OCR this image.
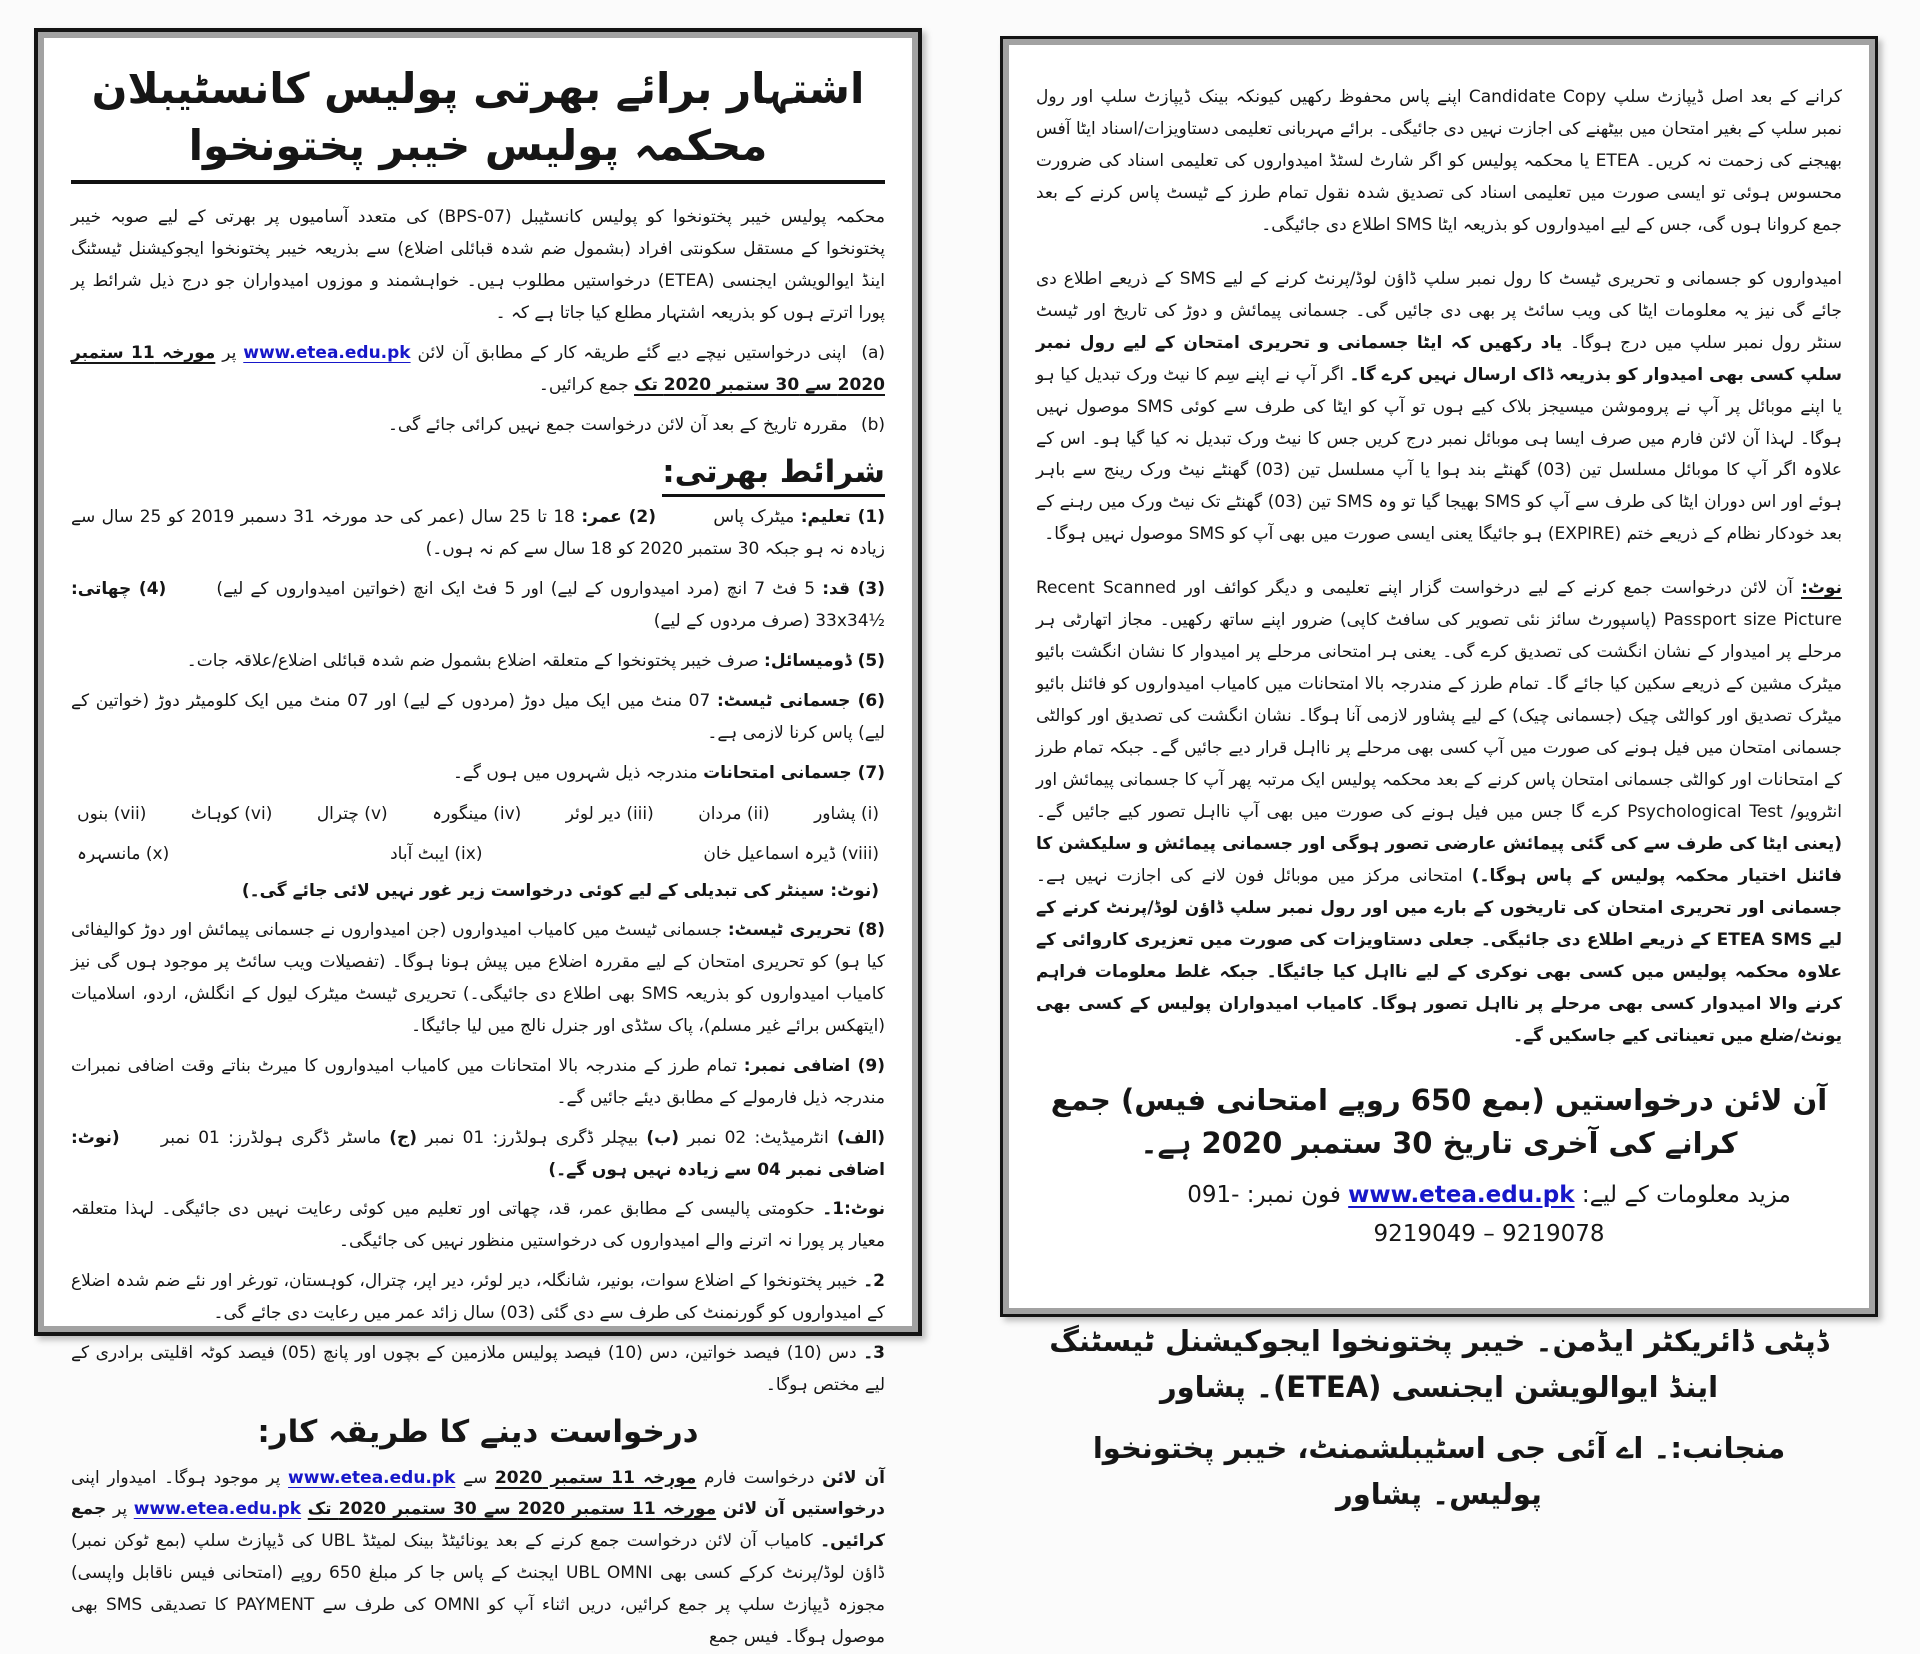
اشتہار برائے بھرتی پولیس کانسٹیبلان محکمہ پولیس خیبر پختونخوا

محکمہ پولیس خیبر پختونخوا کو پولیس کانسٹیبل (BPS-07) کی متعدد آسامیوں پر بھرتی کے لیے صوبہ خیبر پختونخوا کے مستقل سکونتی افراد (بشمول ضم شدہ قبائلی اضلاع) سے بذریعہ خیبر پختونخوا ایجوکیشنل ٹیسٹنگ اینڈ ایوالویشن ایجنسی (ETEA) درخواستیں مطلوب ہیں۔ خواہشمند و موزوں امیدواران جو درج ذیل شرائط پر پورا اترتے ہوں کو بذریعہ اشتہار مطلع کیا جاتا ہے کہ ۔

(a) اپنی درخواستیں نیچے دیے گئے طریقہ کار کے مطابق آن لائن www.etea.edu.pk پر مورخہ 11 ستمبر 2020 سے 30 ستمبر 2020 تک جمع کرائیں۔
(b) مقررہ تاریخ کے بعد آن لائن درخواست جمع نہیں کرائی جائے گی۔
شرائط بھرتی:
(1) تعلیم: میٹرک پاس         (2) عمر: 18 تا 25 سال (عمر کی حد مورخہ 31 دسمبر 2019 کو 25 سال سے زیادہ نہ ہو جبکہ 30 ستمبر 2020 کو 18 سال سے کم نہ ہوں۔)
(3) قد: 5 فٹ 7 انچ (مرد امیدواروں کے لیے) اور 5 فٹ ایک انچ (خواتین امیدواروں کے لیے)       (4) چھاتی: 33x34½ (صرف مردوں کے لیے)
(5) ڈومیسائل: صرف خیبر پختونخوا کے متعلقہ اضلاع بشمول ضم شدہ قبائلی اضلاع/علاقہ جات۔
(6) جسمانی ٹیسٹ: 07 منٹ میں ایک میل دوڑ (مردوں کے لیے) اور 07 منٹ میں ایک کلومیٹر دوڑ (خواتین کے لیے) پاس کرنا لازمی ہے۔
(7) جسمانی امتحانات مندرجہ ذیل شہروں میں ہوں گے۔
(i) پشاور
(ii) مردان
(iii) دیر لوئر
(iv) مینگورہ
(v) چترال
(vi) کوہاٹ
(vii) بنوں
(viii) ڈیرہ اسماعیل خان
(ix) ایبٹ آباد
(x) مانسہرہ
(نوٹ: سینٹر کی تبدیلی کے لیے کوئی درخواست زیر غور نہیں لائی جائے گی۔)
(8) تحریری ٹیسٹ: جسمانی ٹیسٹ میں کامیاب امیدواروں (جن امیدواروں نے جسمانی پیمائش اور دوڑ کوالیفائی کیا ہو) کو تحریری امتحان کے لیے مقررہ اضلاع میں پیش ہونا ہوگا۔ (تفصیلات ویب سائٹ پر موجود ہوں گی نیز کامیاب امیدواروں کو بذریعہ SMS بھی اطلاع دی جائیگی۔) تحریری ٹیسٹ میٹرک لیول کے انگلش، اردو، اسلامیات (ایتھکس برائے غیر مسلم)، پاک سٹڈی اور جنرل نالج میں لیا جائیگا۔
(9) اضافی نمبر: تمام طرز کے مندرجہ بالا امتحانات میں کامیاب امیدواروں کا میرٹ بناتے وقت اضافی نمبرات مندرجہ ذیل فارمولے کے مطابق دیئے جائیں گے۔
(الف) انٹرمیڈیٹ: 02 نمبر (ب) بیچلر ڈگری ہولڈرز: 01 نمبر (ج) ماسٹر ڈگری ہولڈرز: 01 نمبر     (نوٹ: اضافی نمبر 04 سے زیادہ نہیں ہوں گے۔)
نوٹ:1۔ حکومتی پالیسی کے مطابق عمر، قد، چھاتی اور تعلیم میں کوئی رعایت نہیں دی جائیگی۔ لہذا متعلقہ معیار پر پورا نہ اترنے والے امیدواروں کی درخواستیں منظور نہیں کی جائیگی۔
2۔ خیبر پختونخوا کے اضلاع سوات، بونیر، شانگلہ، دیر لوئر، دیر اپر، چترال، کوہستان، تورغر اور نئے ضم شدہ اضلاع کے امیدواروں کو گورنمنٹ کی طرف سے دی گئی (03) سال زائد عمر میں رعایت دی جائے گی۔
3۔ دس (10) فیصد خواتین، دس (10) فیصد پولیس ملازمین کے بچوں اور پانچ (05) فیصد کوٹہ اقلیتی برادری کے لیے مختص ہوگا۔
درخواست دینے کا طریقہ کار:
آن لائن درخواست فارم مورخہ 11 ستمبر 2020 سے www.etea.edu.pk پر موجود ہوگا۔ امیدوار اپنی درخواستیں آن لائن مورخہ 11 ستمبر 2020 سے 30 ستمبر 2020 تک www.etea.edu.pk پر جمع کرائیں۔ کامیاب آن لائن درخواست جمع کرنے کے بعد یونائیٹڈ بینک لمیٹڈ UBL کی ڈیپازٹ سلپ (بمع ٹوکن نمبر) ڈاؤن لوڈ/پرنٹ کرکے کسی بھی UBL OMNI ایجنٹ کے پاس جا کر مبلغ 650 روپے (امتحانی فیس ناقابل واپسی) مجوزہ ڈیپازٹ سلپ پر جمع کرائیں، دریں اثناء آپ کو OMNI کی طرف سے PAYMENT کا تصدیقی SMS بھی موصول ہوگا۔ فیس جمع

کرانے کے بعد اصل ڈیپازٹ سلپ Candidate Copy اپنے پاس محفوظ رکھیں کیونکہ بینک ڈیپازٹ سلپ اور رول نمبر سلپ کے بغیر امتحان میں بیٹھنے کی اجازت نہیں دی جائیگی۔ برائے مہربانی تعلیمی دستاویزات/اسناد ایٹا آفس بھیجنے کی زحمت نہ کریں۔ ETEA یا محکمہ پولیس کو اگر شارٹ لسٹڈ امیدواروں کی تعلیمی اسناد کی ضرورت محسوس ہوئی تو ایسی صورت میں تعلیمی اسناد کی تصدیق شدہ نقول تمام طرز کے ٹیسٹ پاس کرنے کے بعد جمع کروانا ہوں گی، جس کے لیے امیدواروں کو بذریعہ ایٹا SMS اطلاع دی جائیگی۔

امیدواروں کو جسمانی و تحریری ٹیسٹ کا رول نمبر سلپ ڈاؤن لوڈ/پرنٹ کرنے کے لیے SMS کے ذریعے اطلاع دی جائے گی نیز یہ معلومات ایٹا کی ویب سائٹ پر بھی دی جائیں گی۔ جسمانی پیمائش و دوڑ کی تاریخ اور ٹیسٹ سنٹر رول نمبر سلپ میں درج ہوگا۔ یاد رکھیں کہ ایٹا جسمانی و تحریری امتحان کے لیے رول نمبر سلپ کسی بھی امیدوار کو بذریعہ ڈاک ارسال نہیں کرے گا۔ اگر آپ نے اپنے سِم کا نیٹ ورک تبدیل کیا ہو یا اپنے موبائل پر آپ نے پروموشن میسیجز بلاک کیے ہوں تو آپ کو ایٹا کی طرف سے کوئی SMS موصول نہیں ہوگا۔ لہذا آن لائن فارم میں صرف ایسا ہی موبائل نمبر درج کریں جس کا نیٹ ورک تبدیل نہ کیا گیا ہو۔ اس کے علاوہ اگر آپ کا موبائل مسلسل تین (03) گھنٹے بند ہوا یا آپ مسلسل تین (03) گھنٹے نیٹ ورک رینج سے باہر ہوئے اور اس دوران ایٹا کی طرف سے آپ کو SMS بھیجا گیا تو وہ SMS تین (03) گھنٹے تک نیٹ ورک میں رہنے کے بعد خودکار نظام کے ذریعے ختم (EXPIRE) ہو جائیگا یعنی ایسی صورت میں بھی آپ کو SMS موصول نہیں ہوگا۔
نوٹ: آن لائن درخواست جمع کرنے کے لیے درخواست گزار اپنے تعلیمی و دیگر کوائف اور Recent Scanned Passport size Picture (پاسپورٹ سائز نئی تصویر کی سافٹ کاپی) ضرور اپنے ساتھ رکھیں۔ مجاز اتھارٹی ہر مرحلے پر امیدوار کے نشان انگشت کی تصدیق کرے گی۔ یعنی ہر امتحانی مرحلے پر امیدوار کا نشان انگشت بائیو میٹرک مشین کے ذریعے سکین کیا جائے گا۔ تمام طرز کے مندرجہ بالا امتحانات میں کامیاب امیدواروں کو فائنل بائیو میٹرک تصدیق اور کوالٹی چیک (جسمانی چیک) کے لیے پشاور لازمی آنا ہوگا۔ نشان انگشت کی تصدیق اور کوالٹی جسمانی امتحان میں فیل ہونے کی صورت میں آپ کسی بھی مرحلے پر نااہل قرار دیے جائیں گے۔ جبکہ تمام طرز کے امتحانات اور کوالٹی جسمانی امتحان پاس کرنے کے بعد محکمہ پولیس ایک مرتبہ پھر آپ کا جسمانی پیمائش اور انٹرویو/ Psychological Test کرے گا جس میں فیل ہونے کی صورت میں بھی آپ نااہل تصور کیے جائیں گے۔ (یعنی ایٹا کی طرف سے کی گئی پیمائش عارضی تصور ہوگی اور جسمانی پیمائش و سلیکشن کا فائنل اختیار محکمہ پولیس کے پاس ہوگا۔) امتحانی مرکز میں موبائل فون لانے کی اجازت نہیں ہے۔ جسمانی اور تحریری امتحان کی تاریخوں کے بارے میں اور رول نمبر سلپ ڈاؤن لوڈ/پرنٹ کرنے کے لیے ETEA SMS کے ذریعے اطلاع دی جائیگی۔ جعلی دستاویزات کی صورت میں تعزیری کاروائی کے علاوہ محکمہ پولیس میں کسی بھی نوکری کے لیے نااہل کیا جائیگا۔ جبکہ غلط معلومات فراہم کرنے والا امیدوار کسی بھی مرحلے پر نااہل تصور ہوگا۔ کامیاب امیدواران پولیس کے کسی بھی یونٹ/ضلع میں تعیناتی کیے جاسکیں گے۔
آن لائن درخواستیں (بمع 650 روپے امتحانی فیس) جمع کرانے کی آخری تاریخ 30 ستمبر 2020 ہے۔
مزید معلومات کے لیے: www.etea.edu.pk فون نمبر: 091-9219049 – 9219078
ڈپٹی ڈائریکٹر ایڈمن۔ خیبر پختونخوا ایجوکیشنل ٹیسٹنگ اینڈ ایوالویشن ایجنسی (ETEA)۔ پشاور
منجانب:۔ اے آئی جی اسٹیبلشمنٹ، خیبر پختونخوا پولیس۔ پشاور
